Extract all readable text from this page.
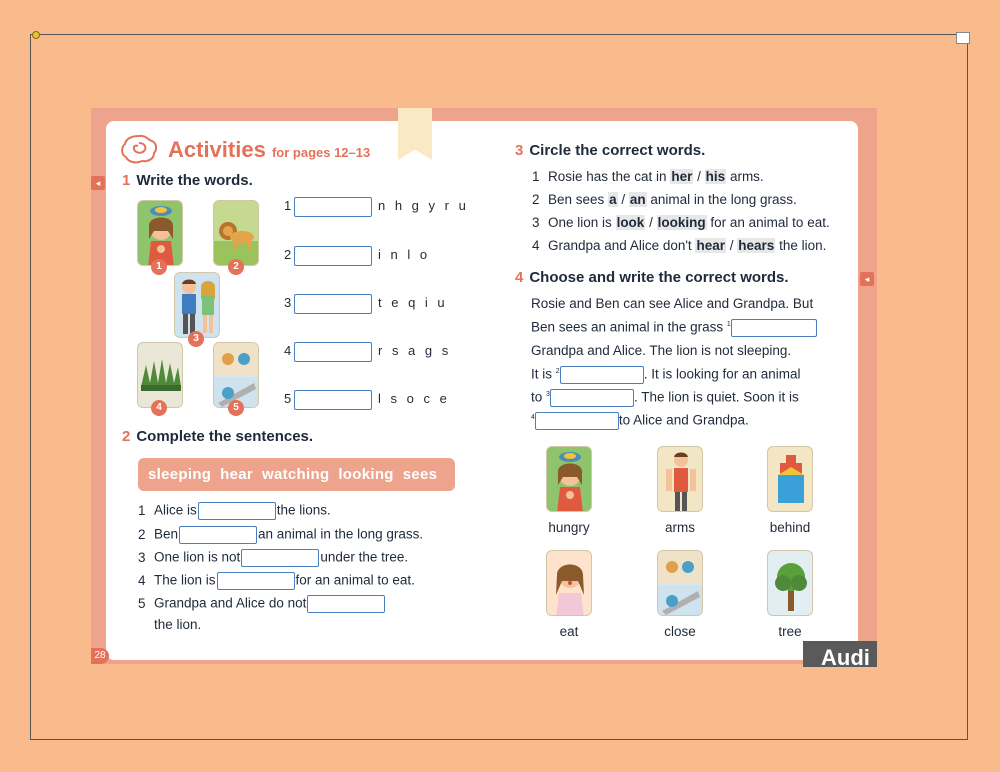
◂
◂
28	Audi
Activities for pages 12–13
1 Write the words.
1	2
3
4	5
1	n h g y r u
2	i n l o
3	t e q i u
4	r s a g s
5	l s o c e
2 Complete the sentences.
sleeping  hear  watching  looking  sees
1 Alice is	the lions.
2 Ben	an animal in the long grass.
3 One lion is not	under the tree.
4 The lion is	for an animal to eat.
5 Grandpa and Alice do not
the lion.
3 Circle the correct words.
1 Rosie has the cat in her / his arms.
2 Ben sees a / an animal in the long grass.
3 One lion is look / looking for an animal to eat.
4 Grandpa and Alice don't hear / hears the lion.
4 Choose and write the correct words.
Rosie and Ben can see Alice and Grandpa. But
Ben sees an animal in the grass $^1$
Grandpa and Alice. The lion is not sleeping.
It is $^2$	. It is looking for an animal
to $^3$	. The lion is quiet. Soon it is
$^4$	to Alice and Grandpa.
hungry	arms	behind
eat	close	tree
